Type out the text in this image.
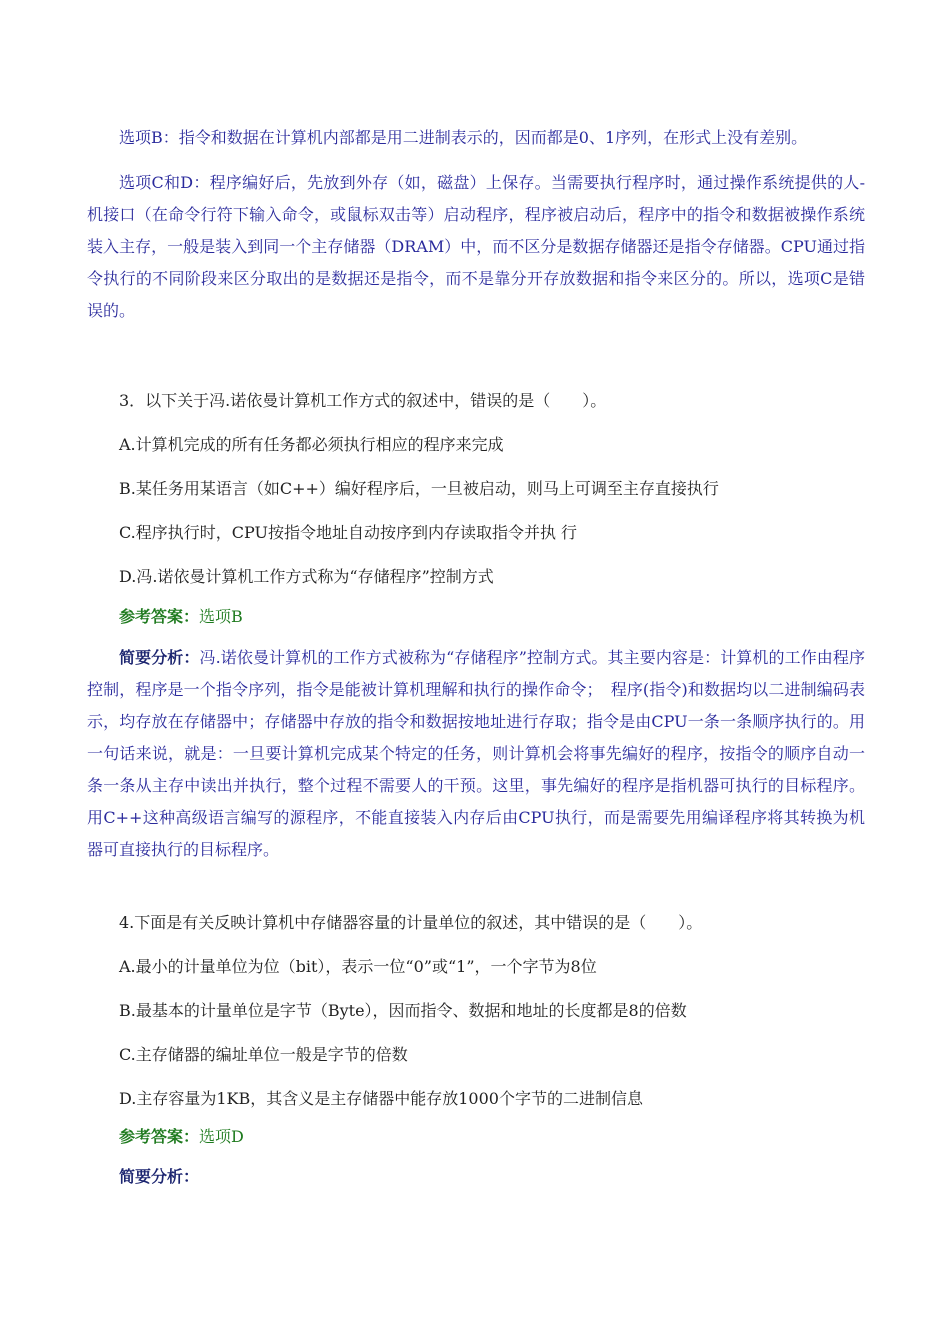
选项B：指令和数据在计算机内部都是用二进制表示的，因而都是0、1序列，在形式上没有差别。

选项C和D：程序编好后，先放到外存（如，磁盘）上保存。当需要执行程序时，通过操作系统提供的人-机接口（在命令行符下输入命令，或鼠标双击等）启动程序，程序被启动后，程序中的指令和数据被操作系统装入主存，一般是装入到同一个主存储器（DRAM）中，而不区分是数据存储器还是指令存储器。CPU通过指令执行的不同阶段来区分取出的是数据还是指令，而不是靠分开存放数据和指令来区分的。所以，选项C是错误的。

3．以下关于冯.诺依曼计算机工作方式的叙述中，错误的是（　　）。

A.计算机完成的所有任务都必须执行相应的程序来完成

B.某任务用某语言（如C++）编好程序后，一旦被启动，则马上可调至主存直接执行

C.程序执行时，CPU按指令地址自动按序到内存读取指令并执 行

D.冯.诺依曼计算机工作方式称为“存储程序”控制方式

参考答案：选项B

简要分析：冯.诺依曼计算机的工作方式被称为“存储程序”控制方式。其主要内容是：计算机的工作由程序控制，程序是一个指令序列，指令是能被计算机理解和执行的操作命令；　程序(指令)和数据均以二进制编码表示，均存放在存储器中；存储器中存放的指令和数据按地址进行存取；指令是由CPU一条一条顺序执行的。用一句话来说，就是：一旦要计算机完成某个特定的任务，则计算机会将事先编好的程序，按指令的顺序自动一条一条从主存中读出并执行，整个过程不需要人的干预。这里，事先编好的程序是指机器可执行的目标程序。用C++这种高级语言编写的源程序，不能直接装入内存后由CPU执行，而是需要先用编译程序将其转换为机器可直接执行的目标程序。

4.下面是有关反映计算机中存储器容量的计量单位的叙述，其中错误的是（　　）。

A.最小的计量单位为位（bit），表示一位“0”或“1”，一个字节为8位

B.最基本的计量单位是字节（Byte），因而指令、数据和地址的长度都是8的倍数

C.主存储器的编址单位一般是字节的倍数

D.主存容量为1KB，其含义是主存储器中能存放1000个字节的二进制信息

参考答案：选项D

简要分析：
